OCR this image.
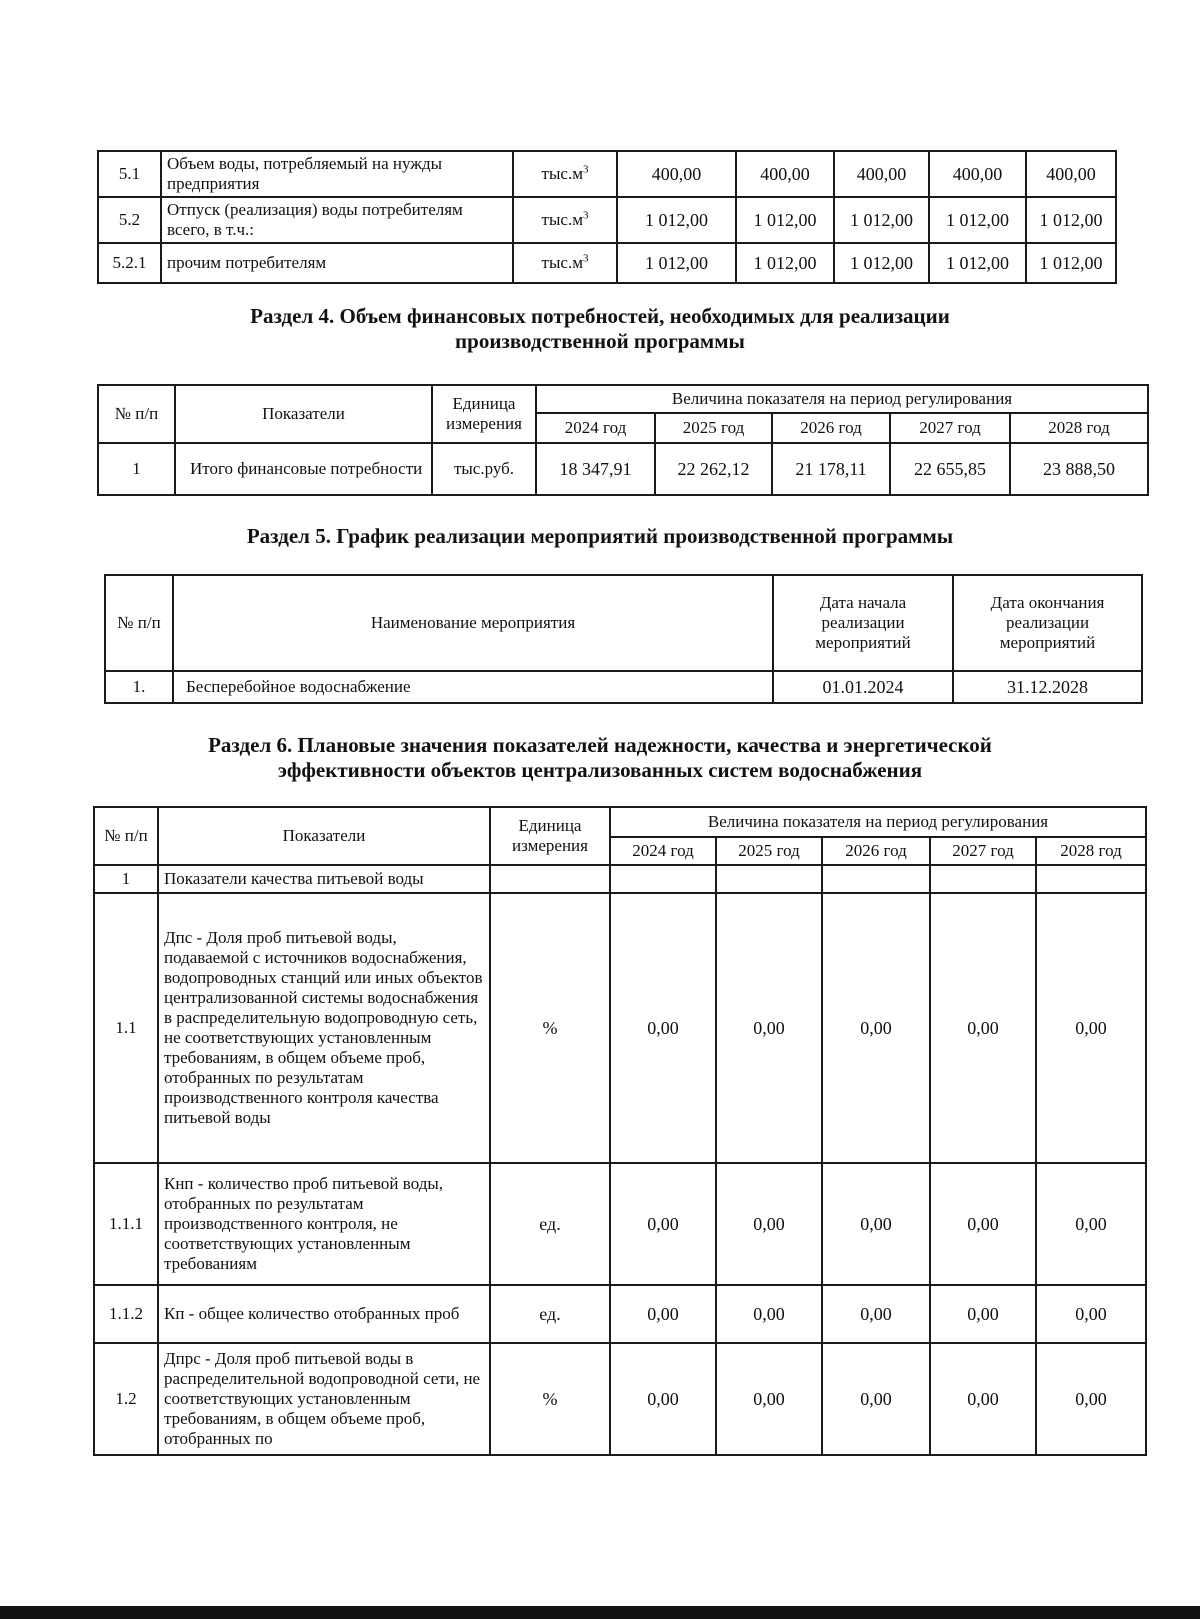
5.1	Объем воды, потребляемый на нужды предприятия	$тыс.м^3$	400,00	400,00	400,00	400,00	400,00
5.2	Отпуск (реализация) воды потребителям всего, в т.ч.:	$тыс.м^3$	1 012,00	1 012,00	1 012,00	1 012,00	1 012,00
5.2.1	прочим потребителям	$тыс.м^3$	1 012,00	1 012,00	1 012,00	1 012,00	1 012,00
Раздел 4. Объем финансовых потребностей, необходимых для реализации
производственной программы
№ п/п	Показатели	Единица измерения	Величина показателя на период регулирования				
			2024 год	2025 год	2026 год	2027 год	2028 год
1	Итого финансовые потребности	тыс.руб.	18 347,91	22 262,12	21 178,11	22 655,85	23 888,50
Раздел 5. График реализации мероприятий производственной программы
№ п/п	Наименование мероприятия	Дата начала реализации мероприятий	Дата окончания реализации мероприятий
1.	Бесперебойное водоснабжение	01.01.2024	31.12.2028
Раздел 6. Плановые значения показателей надежности, качества и энергетической
эффективности объектов централизованных систем водоснабжения
№ п/п	Показатели	Единица измерения	Величина показателя на период регулирования				
			2024 год	2025 год	2026 год	2027 год	2028 год
1	Показатели качества питьевой воды						
1.1	Дпс - Доля проб питьевой воды, подаваемой с источников водоснабжения, водопроводных станций или иных объектов централизованной системы водоснабжения в распределительную водопроводную сеть, не соответствующих установленным требованиям, в общем объеме проб, отобранных по результатам производственного контроля качества питьевой воды	%	0,00	0,00	0,00	0,00	0,00
1.1.1	Кнп - количество проб питьевой воды, отобранных по результатам производственного контроля, не соответствующих установленным требованиям	ед.	0,00	0,00	0,00	0,00	0,00
1.1.2	Кп - общее количество отобранных проб	ед.	0,00	0,00	0,00	0,00	0,00
1.2	Дпрс - Доля проб питьевой воды в распределительной водопроводной сети, не соответствующих установленным требованиям, в общем объеме проб, отобранных по	%	0,00	0,00	0,00	0,00	0,00
